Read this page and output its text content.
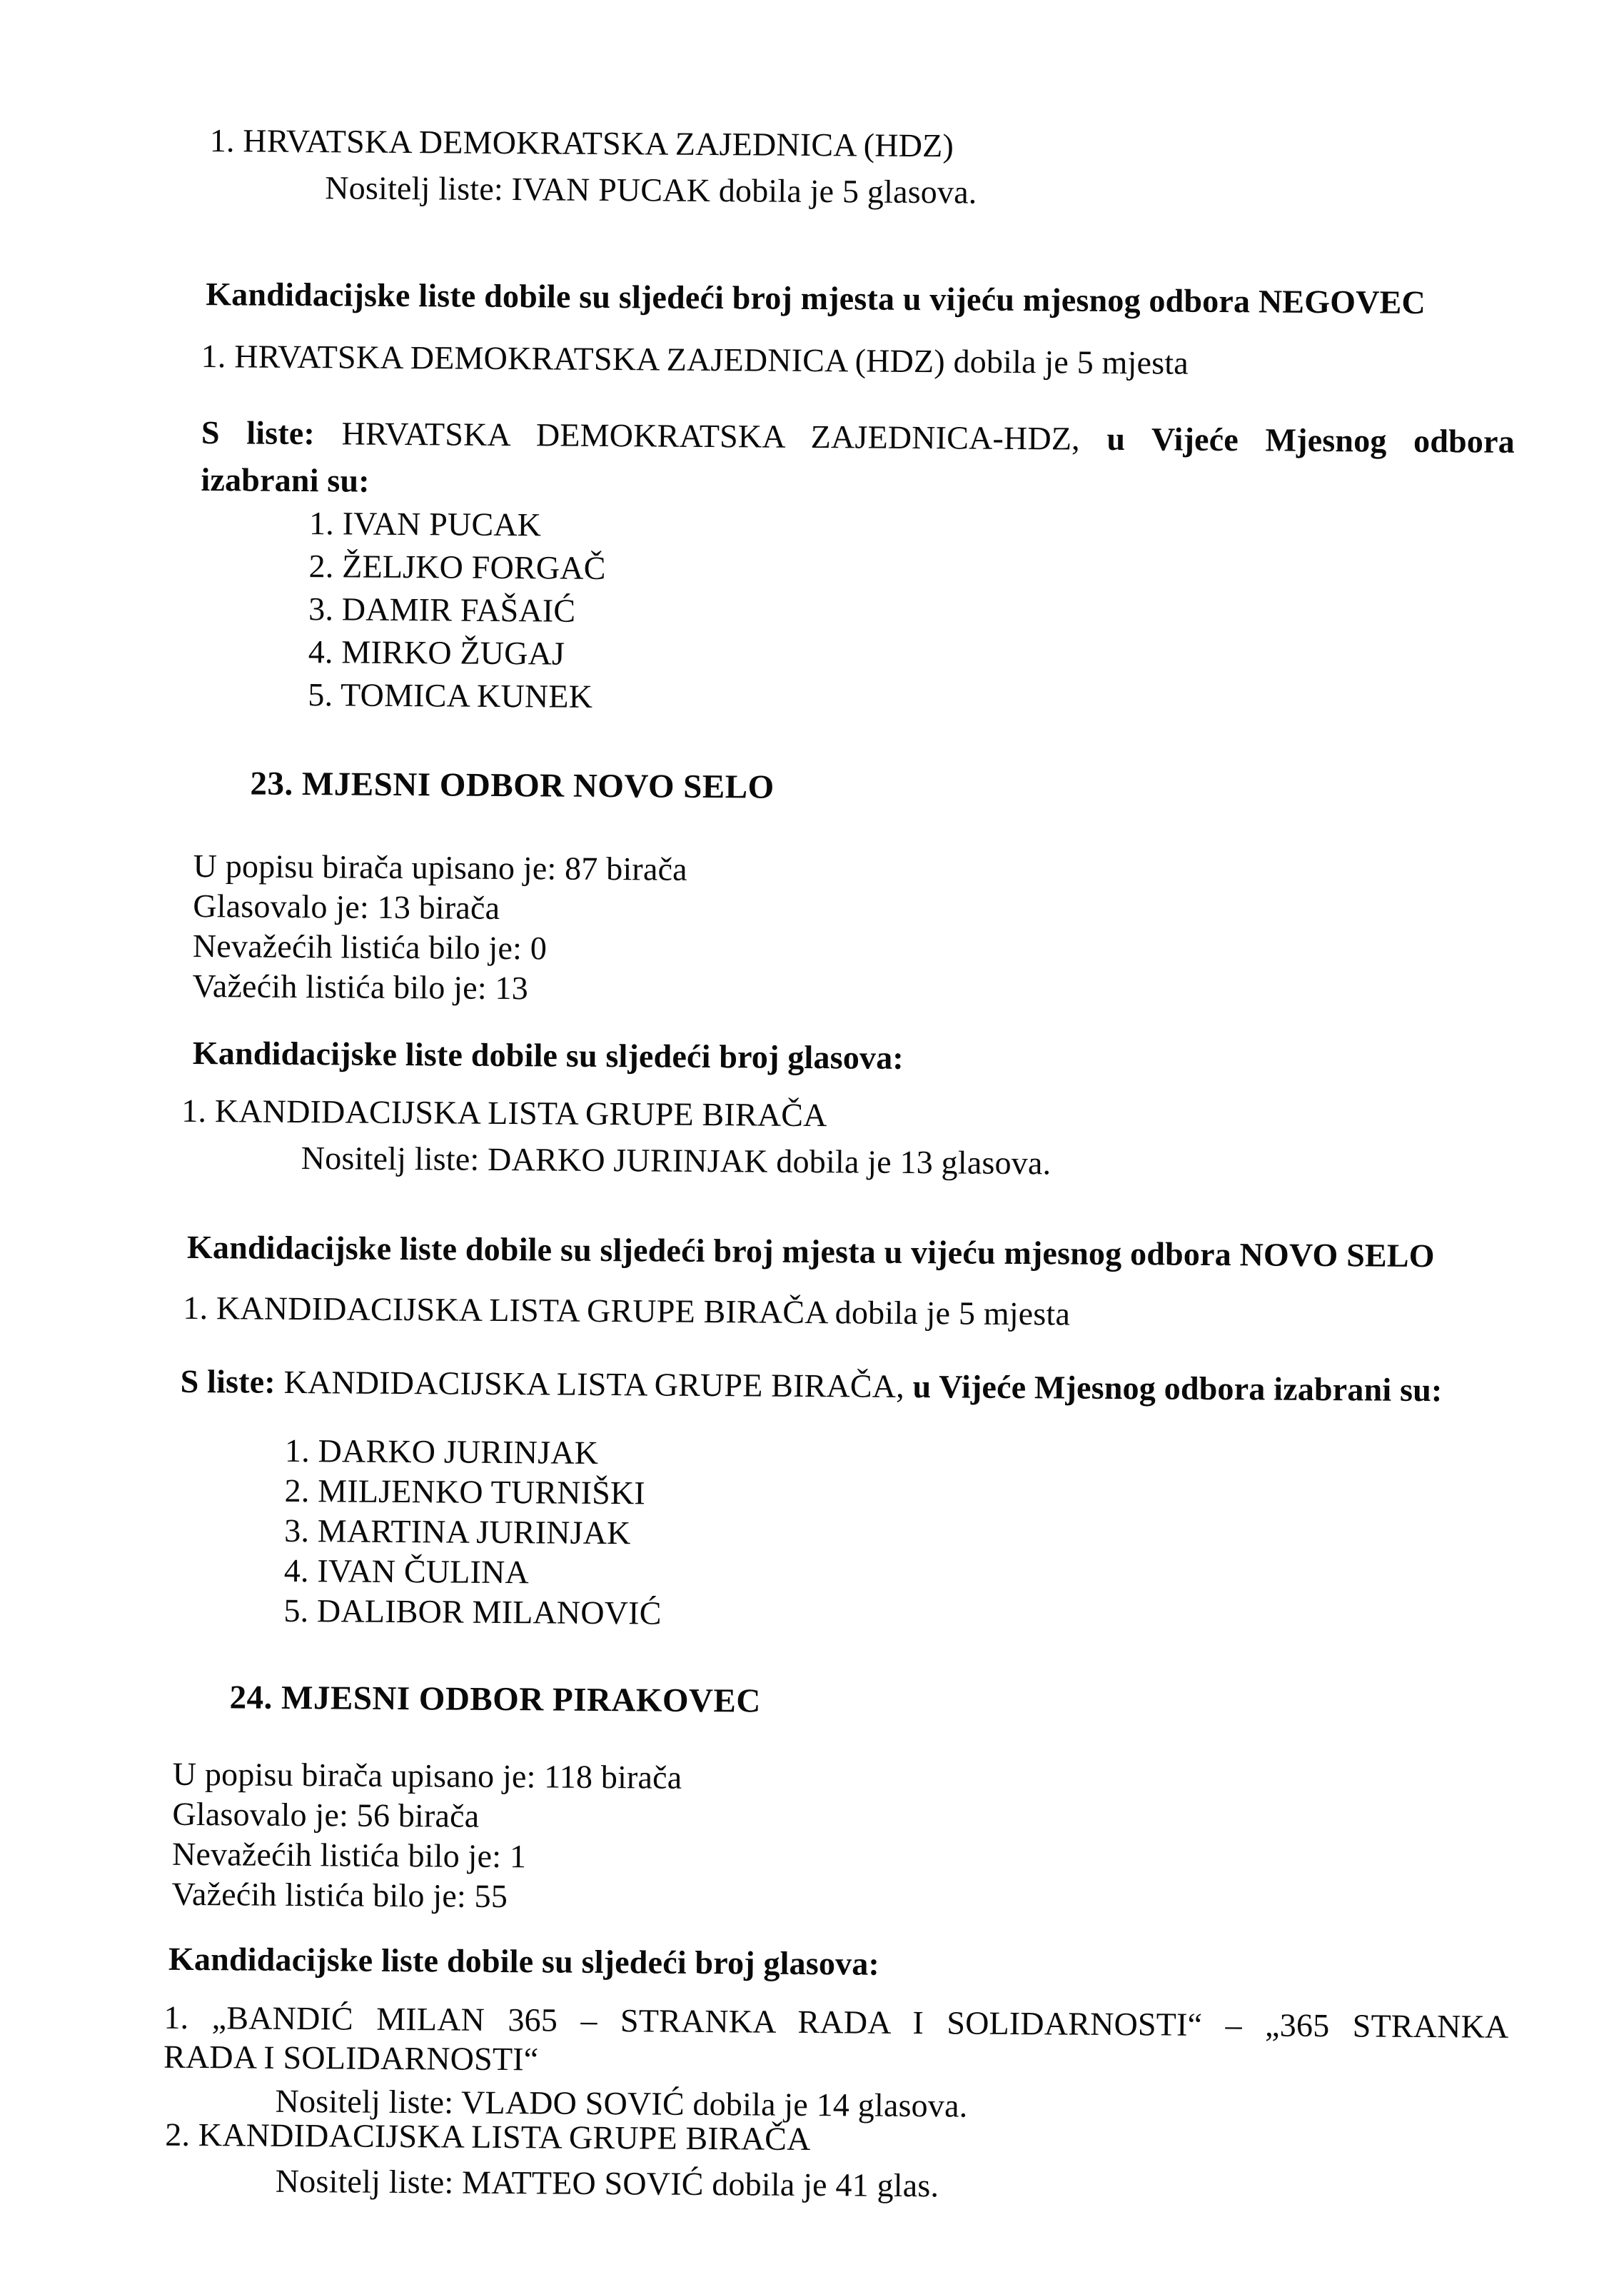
1. HRVATSKA DEMOKRATSKA ZAJEDNICA (HDZ)
Nositelj liste: IVAN PUCAK dobila je 5 glasova.
Kandidacijske liste dobile su sljedeći broj mjesta u vijeću mjesnog odbora NEGOVEC
1. HRVATSKA DEMOKRATSKA ZAJEDNICA (HDZ) dobila je 5 mjesta
S liste: HRVATSKA DEMOKRATSKA ZAJEDNICA-HDZ, u Vijeće Mjesnog odbora
izabrani su:
1. IVAN PUCAK
2. ŽELJKO FORGAČ
3. DAMIR FAŠAIĆ
4. MIRKO ŽUGAJ
5. TOMICA KUNEK
23. MJESNI ODBOR NOVO SELO
U popisu birača upisano je: 87 birača
Glasovalo je: 13 birača
Nevažećih listića bilo je: 0
Važećih listića bilo je: 13
Kandidacijske liste dobile su sljedeći broj glasova:
1. KANDIDACIJSKA LISTA GRUPE BIRAČA
Nositelj liste: DARKO JURINJAK dobila je 13 glasova.
Kandidacijske liste dobile su sljedeći broj mjesta u vijeću mjesnog odbora NOVO SELO
1. KANDIDACIJSKA LISTA GRUPE BIRAČA dobila je 5 mjesta
S liste: KANDIDACIJSKA LISTA GRUPE BIRAČA, u Vijeće Mjesnog odbora izabrani su:
1. DARKO JURINJAK
2. MILJENKO TURNIŠKI
3. MARTINA JURINJAK
4. IVAN ČULINA
5. DALIBOR MILANOVIĆ
24. MJESNI ODBOR PIRAKOVEC
U popisu birača upisano je: 118 birača
Glasovalo je: 56 birača
Nevažećih listića bilo je: 1
Važećih listića bilo je: 55
Kandidacijske liste dobile su sljedeći broj glasova:
1. „BANDIĆ MILAN 365 – STRANKA RADA I SOLIDARNOSTI“ – „365 STRANKA
RADA I SOLIDARNOSTI“
Nositelj liste: VLADO SOVIĆ dobila je 14 glasova.
2. KANDIDACIJSKA LISTA GRUPE BIRAČA
Nositelj liste: MATTEO SOVIĆ dobila je 41 glas.
